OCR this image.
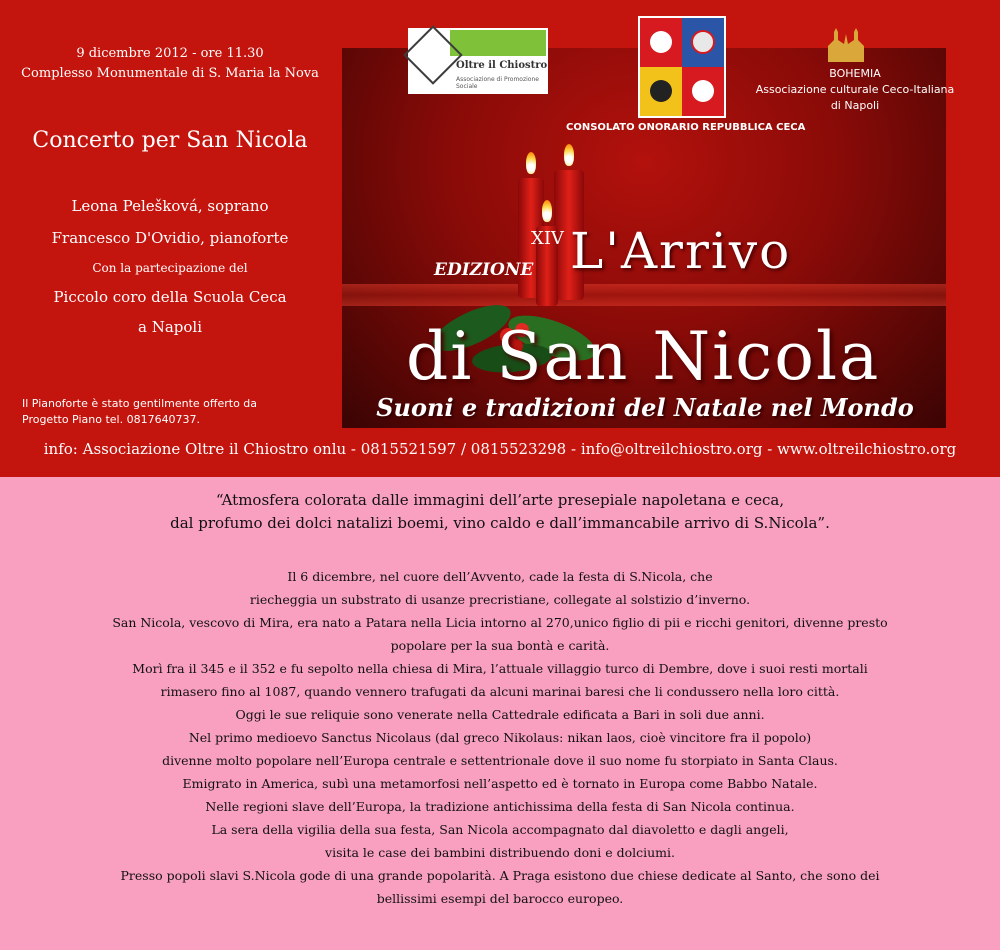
9 dicembre 2012 - ore 11.30
Complesso Monumentale di S. Maria la Nova
Concerto per San Nicola
Leona Pelešková, soprano
Francesco D'Ovidio, pianoforte
Con la partecipazione del
Piccolo coro della Scuola Ceca
a Napoli
Il Pianoforte è stato gentilmente offerto da Progetto Piano tel. 0817640737.
Oltre il Chiostro
Associazione di Promozione Sociale
BOHEMIA
Associazione culturale Ceco-Italiana
di Napoli
CONSOLATO ONORARIO REPUBBLICA CECA
XIV
EDIZIONE L'Arrivo
di San Nicola
Suoni e tradizioni del Natale nel Mondo
info: Associazione Oltre il Chiostro onlu - 0815521597 / 0815523298 - info@oltreilchiostro.org - www.oltreilchiostro.org
“Atmosfera colorata dalle immagini dell’arte presepiale napoletana e ceca,
dal profumo dei dolci natalizi boemi, vino caldo e dall’immancabile arrivo di S.Nicola”.
Il 6 dicembre, nel cuore dell’Avvento, cade la festa di S.Nicola, che
riecheggia un substrato di usanze precristiane, collegate al solstizio d’inverno.
San Nicola, vescovo di Mira, era nato a Patara nella Licia intorno al 270,unico figlio di pii e ricchi genitori, divenne presto
popolare per la sua bontà e carità.
Morì fra il 345 e il 352 e fu sepolto nella chiesa di Mira, l’attuale villaggio turco di Dembre, dove i suoi resti mortali
rimasero fino al 1087, quando vennero trafugati da alcuni marinai baresi che li condussero nella loro città.
Oggi le sue reliquie sono venerate nella Cattedrale edificata a Bari in soli due anni.
Nel primo medioevo Sanctus Nicolaus (dal greco Nikolaus: nikan laos, cioè vincitore fra il popolo)
divenne molto popolare nell’Europa centrale e settentrionale dove il suo nome fu storpiato in Santa Claus.
Emigrato in America, subì una metamorfosi nell’aspetto ed è tornato in Europa come Babbo Natale.
Nelle regioni slave dell’Europa, la tradizione antichissima della festa di San Nicola continua.
La sera della vigilia della sua festa, San Nicola accompagnato dal diavoletto e dagli angeli,
visita le case dei bambini distribuendo doni e dolciumi.
Presso popoli slavi S.Nicola gode di una grande popolarità. A Praga esistono due chiese dedicate al Santo, che sono dei
bellissimi esempi del barocco europeo.
